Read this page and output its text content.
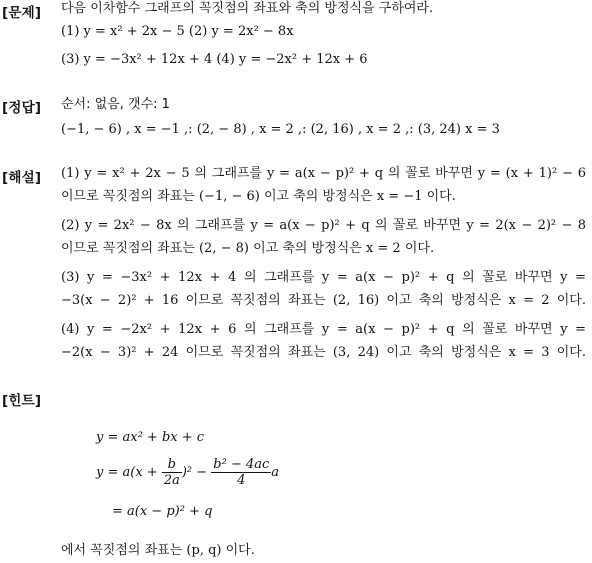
[문제] 다음 이차함수 그래프의 꼭짓점의 좌표와 축의 방정식을 구하여라.
(1) y = x² + 2x − 5 (2) y = 2x² − 8x
(3) y = −3x² + 12x + 4 (4) y = −2x² + 12x + 6
[정답] 순서: 없음, 갯수: 1
(−1, − 6) , x = −1 ,: (2, − 8) , x = 2 ,: (2, 16) , x = 2 ,: (3, 24) x = 3
[해설] (1) y = x² + 2x − 5 의 그래프를 y = a(x − p)² + q 의 꼴로 바꾸면 y = (x + 1)² − 6
이므로 꼭짓점의 좌표는 (−1, − 6) 이고 축의 방정식은 x = −1 이다.
(2) y = 2x² − 8x 의 그래프를 y = a(x − p)² + q 의 꼴로 바꾸면 y = 2(x − 2)² − 8
이므로 꼭짓점의 좌표는 (2, − 8) 이고 축의 방정식은 x = 2 이다.
(3) y = −3x² + 12x + 4 의 그래프를 y = a(x − p)² + q 의 꼴로 바꾸면 y =
−3(x − 2)² + 16 이므로 꼭짓점의 좌표는 (2, 16) 이고 축의 방정식은 x = 2 이다.
(4) y = −2x² + 12x + 6 의 그래프를 y = a(x − p)² + q 의 꼴로 바꾸면 y =
−2(x − 3)² + 24 이므로 꼭짓점의 좌표는 (3, 24) 이고 축의 방정식은 x = 3 이다.
[힌트]
y = ax² + bx + c
$y = a(x + \frac{b}{2a} )^2 - \frac{\text{b² − 4ac}}{4}$ a
= a(x − p)² + q
에서 꼭짓점의 좌표는 (p, q) 이다.
